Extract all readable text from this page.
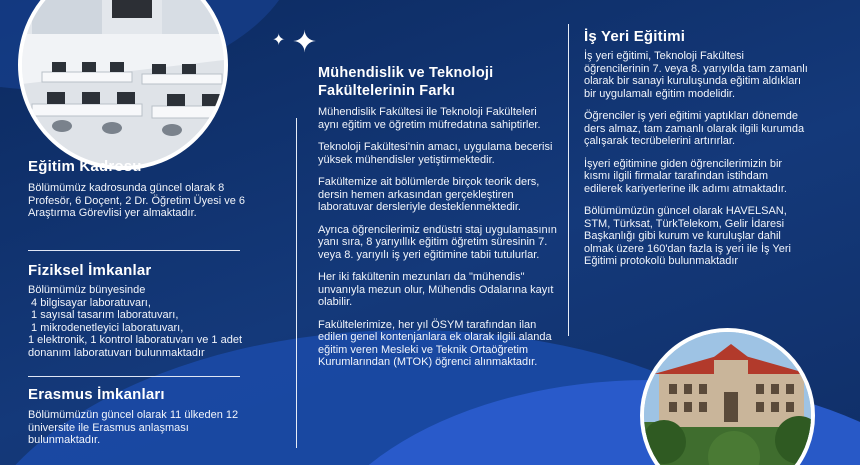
Eğitim Kadrosu

Bölümümüz kadrosunda güncel olarak 8 Profesör, 6 Doçent, 2 Dr. Öğretim Üyesi ve 6 Araştırma Görevlisi yer almaktadır.

Fiziksel İmkanlar

Bölümümüz bünyesinde

4 bilgisayar laboratuvarı,

1 sayısal tasarım laboratuvarı,

1 mikrodenetleyici laboratuvarı,

1 elektronik, 1 kontrol laboratuvarı ve 1 adet donanım laboratuvarı bulunmaktadır

Erasmus İmkanları

Bölümümüzün güncel olarak 11 ülkeden 12 üniversite ile Erasmus anlaşması bulunmaktadır.

✦ ✦
Mühendislik ve Teknoloji Fakültelerinin Farkı

Mühendislik Fakültesi ile Teknoloji Fakülteleri aynı eğitim ve öğretim müfredatına sahiptirler.

Teknoloji Fakültesi'nin amacı, uygulama becerisi yüksek mühendisler yetiştirmektedir.

Fakültemize ait bölümlerde birçok teorik ders, dersin hemen arkasından gerçekleştiren laboratuvar dersleriyle desteklenmektedir.

Ayrıca öğrencilerimiz endüstri staj uygulamasının yanı sıra, 8 yarıyıllık eğitim öğretim süresinin 7. veya 8. yarıyılı iş yeri eğitimine tabii tutulurlar.

Her iki fakültenin mezunları da "mühendis" unvanıyla mezun olur, Mühendis Odalarına kayıt olabilir.

Fakültelerimize, her yıl ÖSYM tarafından ilan edilen genel kontenjanlara ek olarak ilgili alanda eğitim veren Mesleki ve Teknik Ortaöğretim Kurumlarından (MTOK) öğrenci alınmaktadır.

İş Yeri Eğitimi

İş yeri eğitimi, Teknoloji Fakültesi öğrencilerinin 7. veya 8. yarıyılda tam zamanlı olarak bir sanayi kuruluşunda eğitim aldıkları bir uygulamalı eğitim modelidir.

Öğrenciler iş yeri eğitimi yaptıkları dönemde ders almaz, tam zamanlı olarak ilgili kurumda çalışarak tecrübelerini artırırlar.

İşyeri eğitimine giden öğrencilerimizin bir kısmı ilgili firmalar tarafından istihdam edilerek kariyerlerine ilk adımı atmaktadır.

Bölümümüzün güncel olarak HAVELSAN, STM, Türksat, TürkTelekom, Gelir İdaresi Başkanlığı gibi kurum ve kuruluşlar dahil olmak üzere 160'dan fazla iş yeri ile İş Yeri Eğitimi protokolü bulunmaktadır
